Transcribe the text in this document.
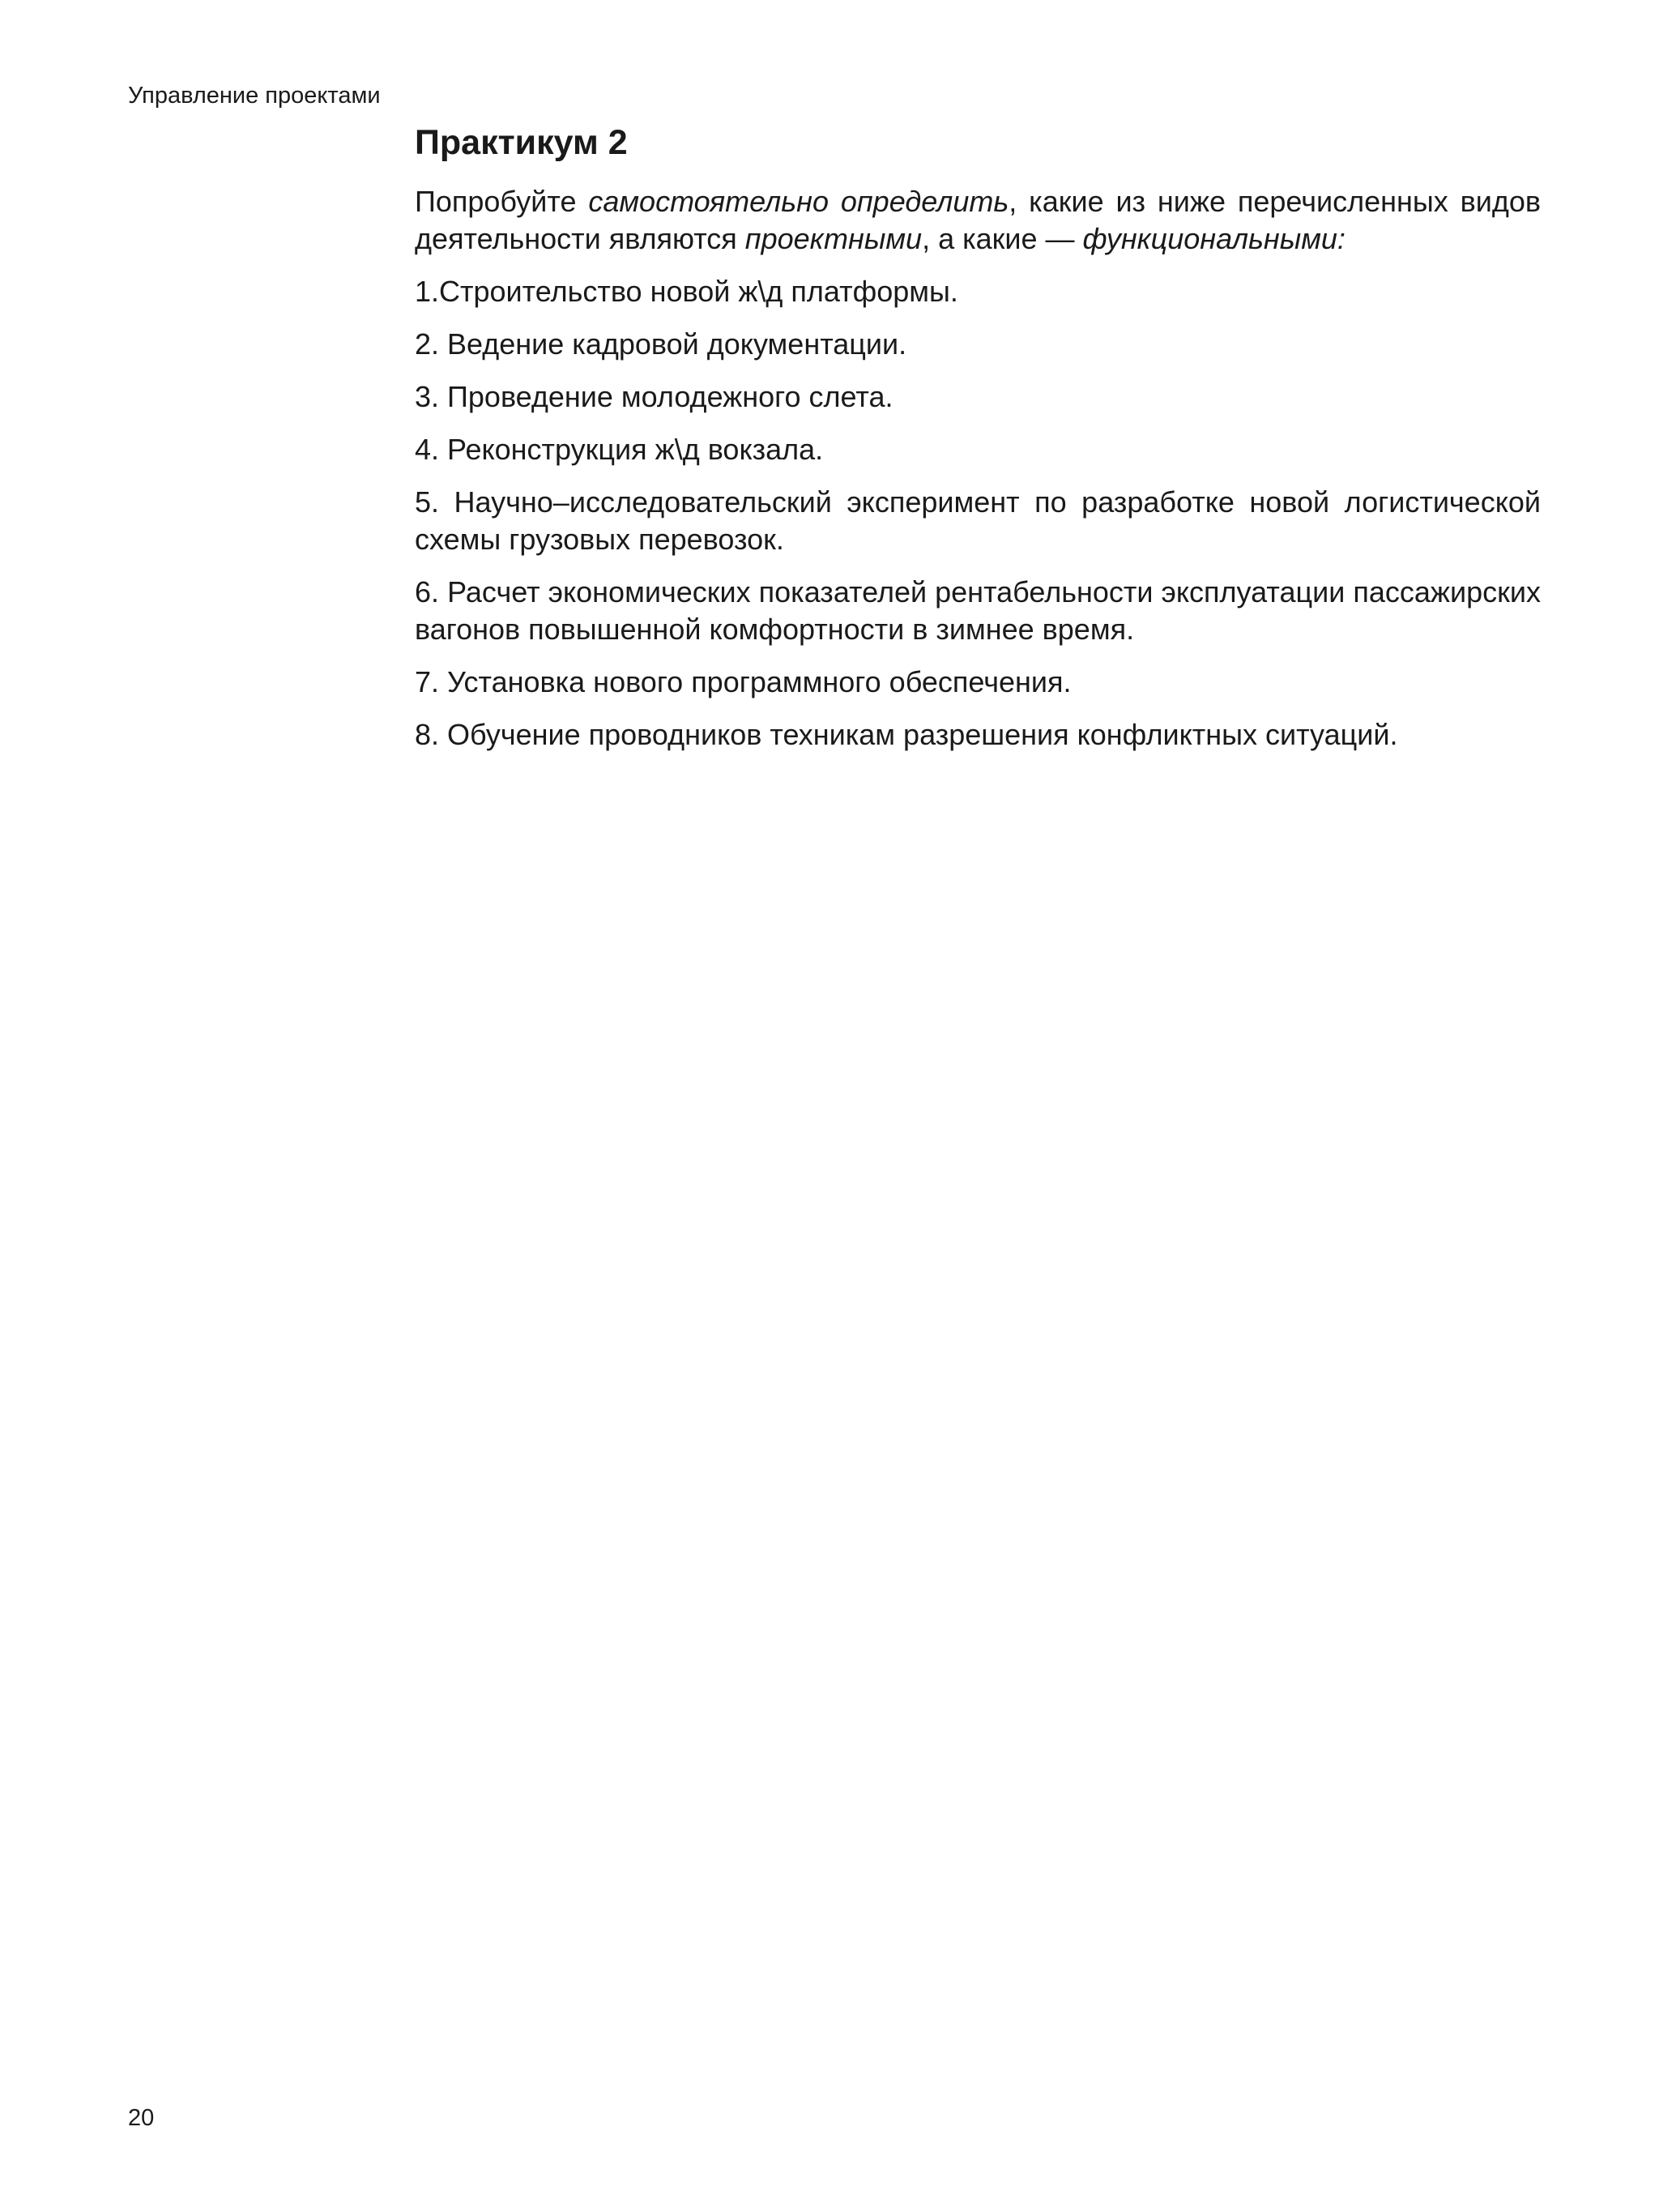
Управление проектами
Практикум 2

Попробуйте самостоятельно определить, какие из ниже перечисленных видов деятельности являются проектными, а какие — функциональными:

1.Строительство новой ж\д платформы.
2. Ведение кадровой документации.
3. Проведение молодежного слета.
4. Реконструкция ж\д вокзала.
5. Научно–исследовательский эксперимент по разработке новой логистической схемы грузовых перевозок.
6. Расчет экономических показателей рентабельности эксплуатации пассажирских вагонов повышенной комфортности в зимнее время.
7. Установка нового программного обеспечения.
8. Обучение проводников техникам разрешения конфликтных ситуаций.
20
